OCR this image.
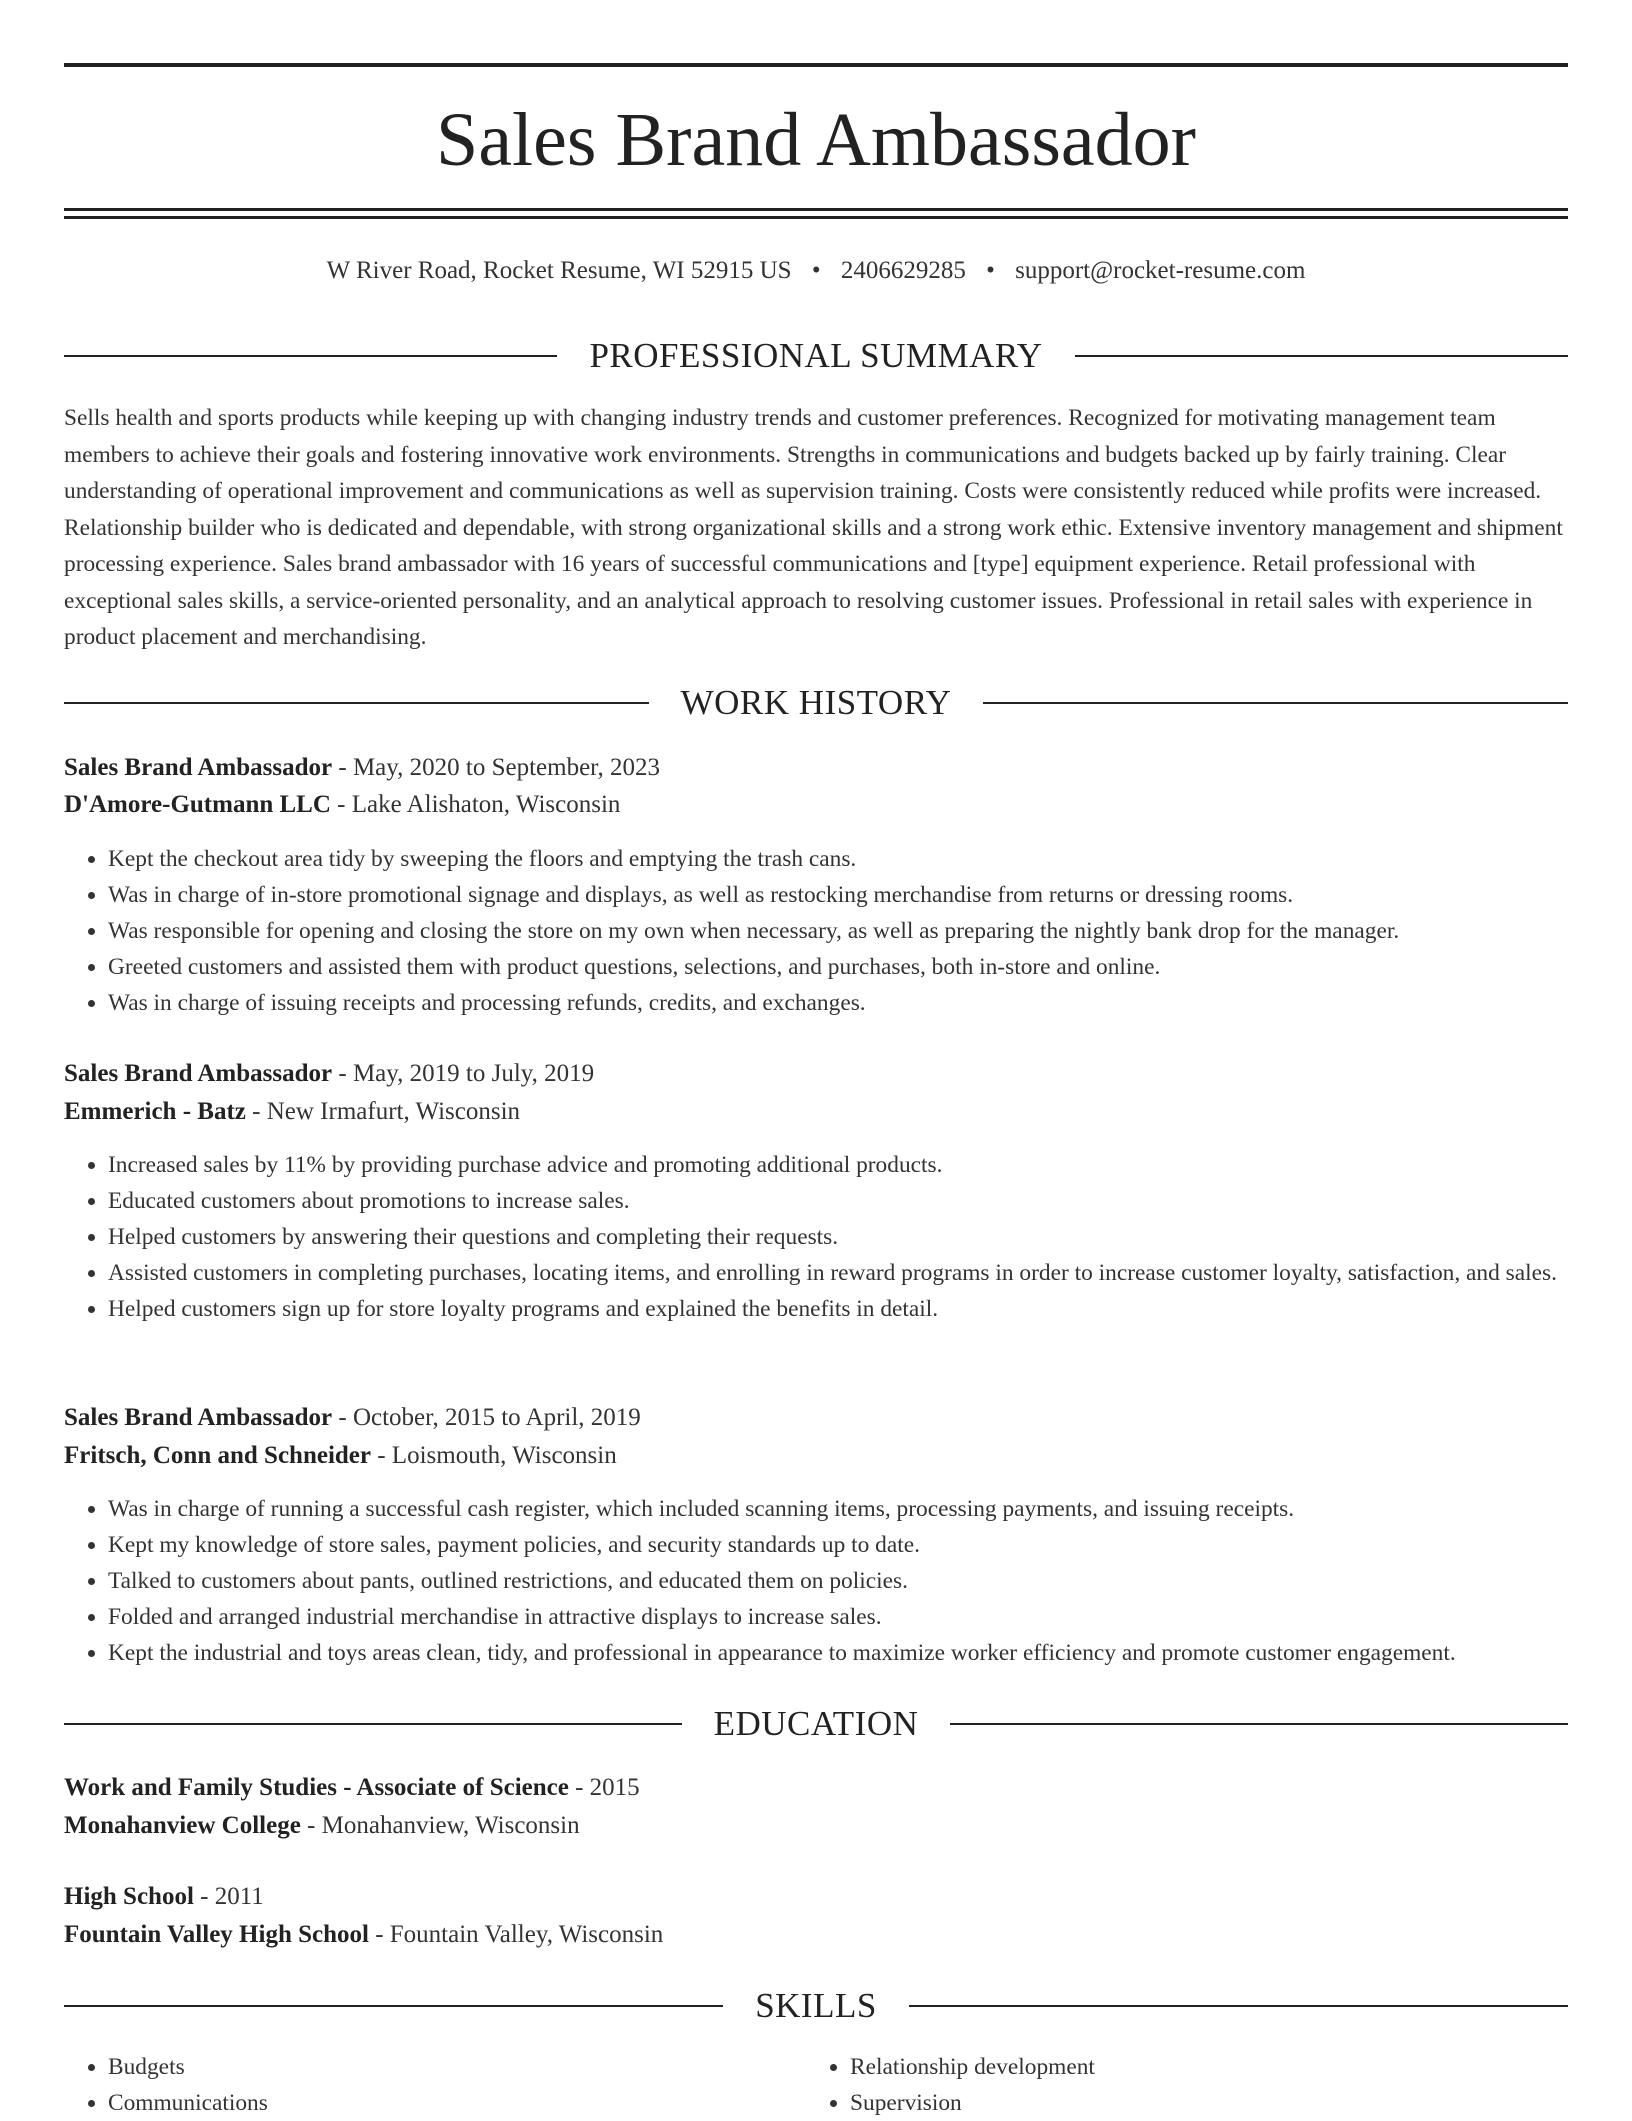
Sales Brand Ambassador
W River Road, Rocket Resume, WI 52915 US • 2406629285 • support@rocket-resume.com
PROFESSIONAL SUMMARY

Sells health and sports products while keeping up with changing industry trends and customer preferences. Recognized for motivating management team members to achieve their goals and fostering innovative work environments. Strengths in communications and budgets backed up by fairly training. Clear understanding of operational improvement and communications as well as supervision training. Costs were consistently reduced while profits were increased. Relationship builder who is dedicated and dependable, with strong organizational skills and a strong work ethic. Extensive inventory management and shipment processing experience. Sales brand ambassador with 16 years of successful communications and [type] equipment experience. Retail professional with exceptional sales skills, a service-oriented personality, and an analytical approach to resolving customer issues. Professional in retail sales with experience in product placement and merchandising.

WORK HISTORY
Sales Brand Ambassador - May, 2020 to September, 2023
D'Amore-Gutmann LLC - Lake Alishaton, Wisconsin
• Kept the checkout area tidy by sweeping the floors and emptying the trash cans.
• Was in charge of in-store promotional signage and displays, as well as restocking merchandise from returns or dressing rooms.
• Was responsible for opening and closing the store on my own when necessary, as well as preparing the nightly bank drop for the manager.
• Greeted customers and assisted them with product questions, selections, and purchases, both in-store and online.
• Was in charge of issuing receipts and processing refunds, credits, and exchanges.
Sales Brand Ambassador - May, 2019 to July, 2019
Emmerich - Batz - New Irmafurt, Wisconsin
• Increased sales by 11% by providing purchase advice and promoting additional products.
• Educated customers about promotions to increase sales.
• Helped customers by answering their questions and completing their requests.
• Assisted customers in completing purchases, locating items, and enrolling in reward programs in order to increase customer loyalty, satisfaction, and sales.
• Helped customers sign up for store loyalty programs and explained the benefits in detail.
Sales Brand Ambassador - October, 2015 to April, 2019
Fritsch, Conn and Schneider - Loismouth, Wisconsin
• Was in charge of running a successful cash register, which included scanning items, processing payments, and issuing receipts.
• Kept my knowledge of store sales, payment policies, and security standards up to date.
• Talked to customers about pants, outlined restrictions, and educated them on policies.
• Folded and arranged industrial merchandise in attractive displays to increase sales.
• Kept the industrial and toys areas clean, tidy, and professional in appearance to maximize worker efficiency and promote customer engagement.
EDUCATION
Work and Family Studies - Associate of Science - 2015
Monahanview College - Monahanview, Wisconsin
High School - 2011
Fountain Valley High School - Fountain Valley, Wisconsin
SKILLS
• Budgets
• Communications
• Relationship development
• Supervision
